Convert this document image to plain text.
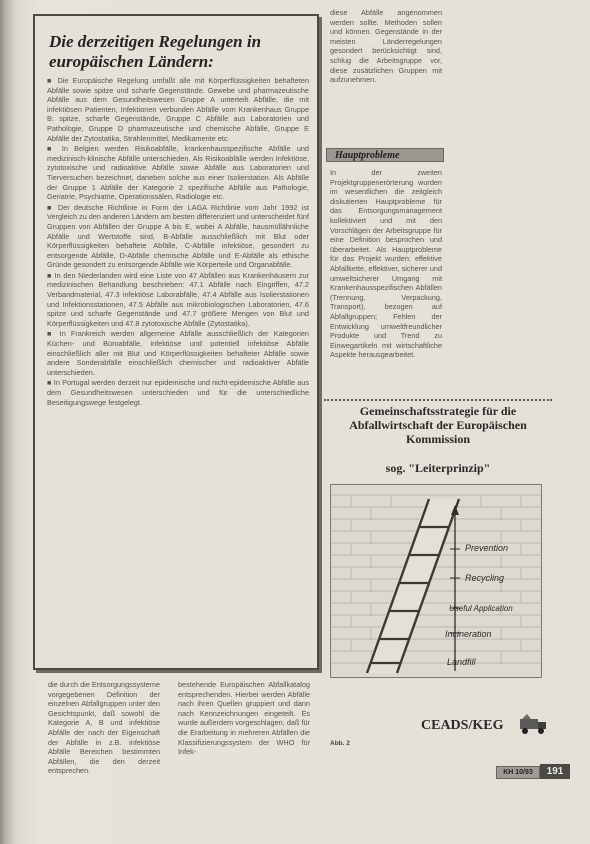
Die derzeitigen Regelungen in europäischen Ländern:

■ Die Europäische Regelung umfaßt alle mit Körperflüssigkeiten behafteten Abfälle sowie spitze und scharfe Gegenstände. Gewebe und pharmazeutische Abfälle aus dem Gesundheitswesen Gruppe A unterteilt Abfälle, die mit infektiösen Patienten, Infektionen verbunden Abfälle vom Krankenhaus Gruppe B: spitze, scharfe Gegenstände, Gruppe C Abfälle aus Laboratorien und Pathologie, Gruppe D pharmazeutische und chemische Abfälle, Gruppe E Abfälle der Zytostatika, Strahlenmittel, Medikamente etc.

■ In Belgien werden Risikoabfälle, krankenhausspezifische Abfälle und medizinisch-klinische Abfälle unterschieden. Als Risikoabfälle werden Infektiöse, zytotoxische und radioaktive Abfälle sowie Abfälle aus Laboratorien und Tierversuchen bezeichnet, daneben solche aus einer Isolierstation. Als Abfälle der Gruppe 1 Abfälle der Kategorie 2 spezifische Abfälle aus Pathologie, Geriatrie, Psychiatrie, Operationssälen, Radiologie etc.

■ Der deutsche Richtlinie in Form der LAGA Richtlinie vom Jahr 1992 ist Vergleich zu den anderen Ländern am besten differenziert und unterscheidet fünf Gruppen von Abfällen der Gruppe A bis E, wobei A Abfälle, hausmüllähnliche Abfälle und Wertstoffe sind, B-Abfälle ausschließlich mit Blut oder Körperflüssigkeiten behaftete Abfälle, C-Abfälle infektiöse, gesondert zu entsorgende Abfälle, D-Abfälle chemische Abfälle und E-Abfälle als ethische Gründe gesondert zu entsorgende Abfälle wie Körperteile und Organabfälle.

■ In den Niederlanden wird eine Liste von 47 Abfällen aus Krankenhäusern zur medizinischen Behandlung beschrieben: 47.1 Abfälle nach Eingriffen, 47.2 Verbandmaterial, 47.3 infektiöse Laborabfälle, 47.4 Abfälle aus Isolierstationen und Infektionsstationen, 47.5 Abfälle aus mikrobiologischen Laboratorien, 47.6 spitze und scharfe Gegenstände und 47.7 größere Mengen von Blut und Körperflüssigkeiten und 47.8 zytotoxische Abfälle (Zytostatika).

■ In Frankreich werden allgemeine Abfälle ausschließlich der Kategorien Küchen- und Büroabfälle, infektiöse und potentiell infektiöse Abfälle einschließlich aller mit Blut und Körperflüssigkeiten behafteter Abfälle sowie andere Sonderabfälle einschließlich chemischer und radioaktiver Abfälle unterschieden.

■ In Portugal werden derzeit nur epidemische und nicht-epidemische Abfälle aus dem Gesundheitswesen unterschieden und für die unterschiedliche Beseitigungswege festgelegt.

die durch die Entsorgungssysteme vorgegebenen Definition der einzelnen Abfallgruppen unter den Gesichtspunkt, daß sowohl die Kategorie A, B und infektiöse Abfälle der nach der Eigenschaft der Abfälle in z.B. infektiöse Abfälle Bereichen bestimmten Abfällen, die den derzeit entsprechen.

bestehende Europäischen Abfallkatalog entsprechenden. Hierbei werden Abfälle nach ihren Quellen gruppiert und dann nach Kennzeichnungen eingeteilt. Es wurde außerdem vorgeschlagen, daß für die Erarbeitung in mehreren Abfällen die Klassifizierungssystem der WHO für Infek-

diese Abfälle angenommen werden sollte. Methoden sollen und können. Gegenstände in der meisten Länderregelungen gesondert berücksichtigt sind, schlug die Arbeitsgruppe vor, diese zusätzlichen Gruppen mit aufzunehmen.

Hauptprobleme

In der zweiten Projektgruppenerörterung wurden im wesentlichen die zeitgleich diskutierten Hauptprobleme für das Entsorgungsmanagement kollektiviert und mit den Vorschlägen der Arbeitsgruppe für eine Definition besprochen und überarbeitet. Als Hauptprobleme für das Projekt wurden: effektive Abfallkette, effektiver, sicherer und umweltsicherer Umgang mit Krankenhausspezifischen Abfällen (Trennung, Verpackung, Transport), bezogen auf Abfallgruppen; Fehlen der Entwicklung umweltfreundlicher Produkte und Trend zu Einwegartikeln mit wirtschaftliche Aspekte herausgearbeitet.

Gemeinschaftsstrategie für die Abfallwirtschaft der Europäischen Kommission
sog. "Leiterprinzip"
Prevention
Recycling
Useful Application
Incineration
Landfill
CEADS/KEG
Abb. 2
KH 10/93	191
